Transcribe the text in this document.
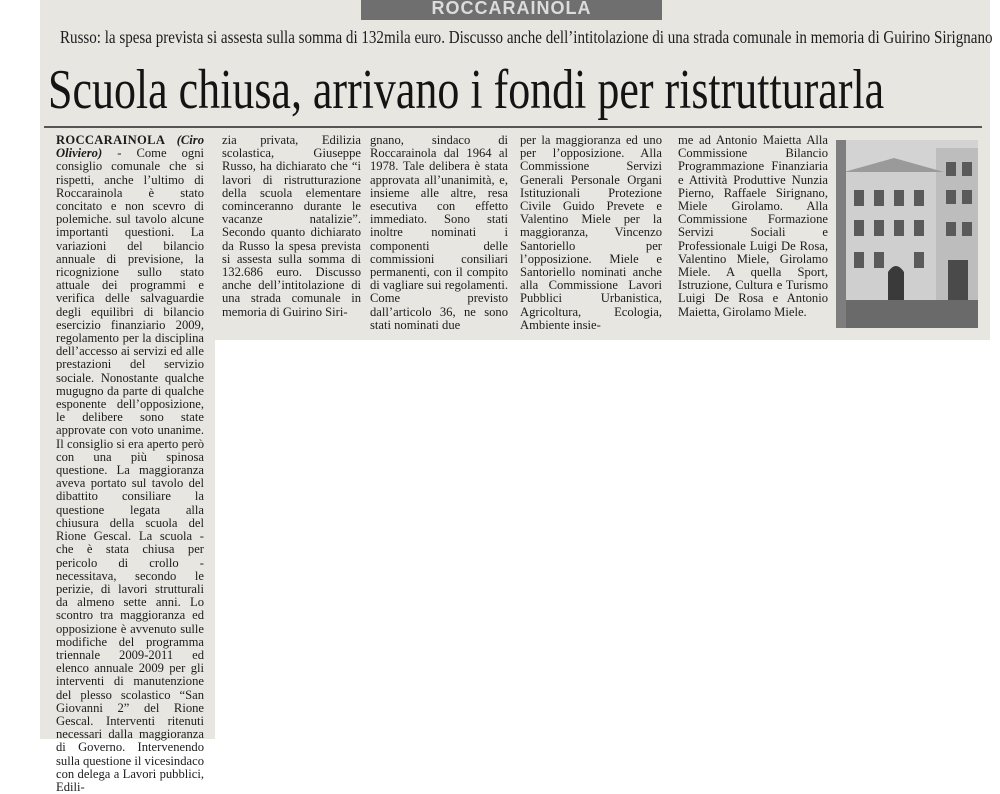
ROCCARAINOLA
Russo: la spesa prevista si assesta sulla somma di 132mila euro. Discusso anche dell’intitolazione di una strada comunale in memoria di Guirino Sirignano
Scuola chiusa, arrivano i fondi per ristrutturarla
ROCCARAINOLA (Ciro Oliviero) - Come ogni consiglio comunale che si rispetti, anche l’ultimo di Roccarainola è stato concitato e non scevro di polemiche. sul tavolo alcune importanti questioni. La variazioni del bilancio annuale di previsione, la ricognizione sullo stato attuale dei programmi e verifica delle salvaguardie degli equilibri di bilancio esercizio finanziario 2009, regolamento per la disciplina dell’accesso ai servizi ed alle prestazioni del servizio sociale. Nonostante qualche mugugno da parte di qualche esponente dell’opposizione, le delibere sono state approvate con voto unanime. Il consiglio si era aperto però con una più spinosa questione. La maggioranza aveva portato sul tavolo del dibattito consiliare la questione legata alla chiusura della scuola del Rione Gescal. La scuola - che è stata chiusa per pericolo di crollo - necessitava, secondo le perizie, di lavori strutturali da almeno sette anni. Lo scontro tra maggioranza ed opposizione è avvenuto sulle modifiche del programma triennale 2009-2011 ed elenco annuale 2009 per gli interventi di manutenzione del plesso scolastico “San Giovanni 2” del Rione Gescal. Interventi ritenuti necessari dalla maggioranza di Governo. Intervenendo sulla questione il vicesindaco con delega a Lavori pubblici, Edili-
zia privata, Edilizia scolastica, Giuseppe Russo, ha dichiarato che “i lavori di ristrutturazione della scuola elementare cominceranno durante le vacanze natalizie”. Secondo quanto dichiarato da Russo la spesa prevista si assesta sulla somma di 132.686 euro. Discusso anche dell’intitolazione di una strada comunale in memoria di Guirino Siri-
gnano, sindaco di Roccarainola dal 1964 al 1978. Tale delibera è stata approvata all’unanimità, e, insieme alle altre, resa esecutiva con effetto immediato. Sono stati inoltre nominati i componenti delle commissioni consiliari permanenti, con il compito di vagliare sui regolamenti. Come previsto dall’articolo 36, ne sono stati nominati due
per la maggioranza ed uno per l’opposizione. Alla Commissione Servizi Generali Personale Organi Istituzionali Protezione Civile Guido Prevete e Valentino Miele per la maggioranza, Vincenzo Santoriello per l’opposizione. Miele e Santoriello nominati anche alla Commissione Lavori Pubblici Urbanistica, Agricoltura, Ecologia, Ambiente insie-
me ad Antonio Maietta Alla Commissione Bilancio Programmazione Finanziaria e Attività Produttive Nunzia Pierno, Raffaele Sirignano, Miele Girolamo. Alla Commissione Formazione Servizi Sociali e Professionale Luigi De Rosa, Valentino Miele, Girolamo Miele. A quella Sport, Istruzione, Cultura e Turismo Luigi De Rosa e Antonio Maietta, Girolamo Miele.
